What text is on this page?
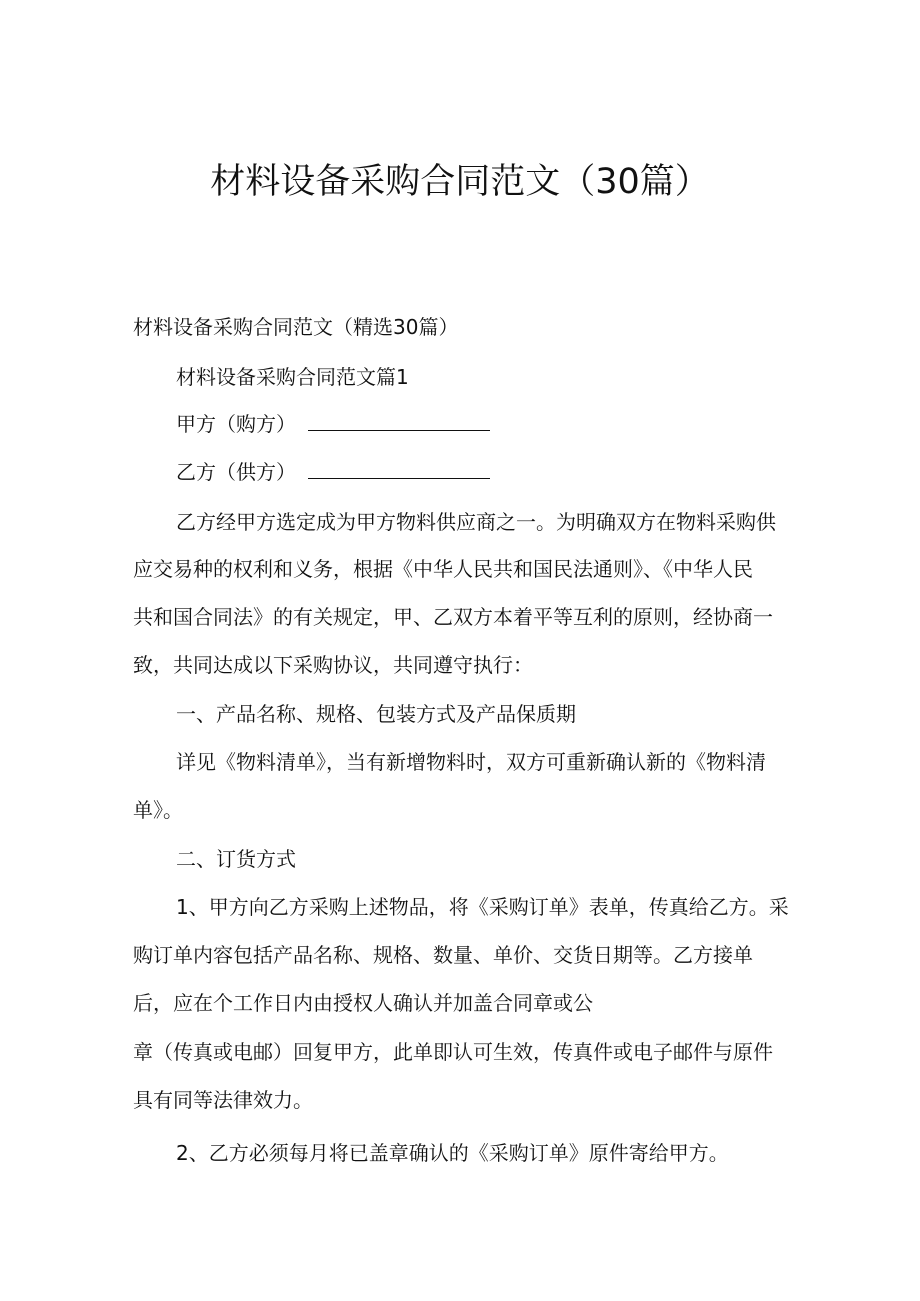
材料设备采购合同范文（30篇）
材料设备采购合同范文（精选30篇）
材料设备采购合同范文篇1
甲方（购方）
乙方（供方）
乙方经甲方选定成为甲方物料供应商之一。为明确双方在物料采购供
应交易种的权利和义务，根据《中华人民共和国民法通则》、《中华人民
共和国合同法》的有关规定，甲、乙双方本着平等互利的原则，经协商一
致，共同达成以下采购协议，共同遵守执行：
一、产品名称、规格、包装方式及产品保质期
详见《物料清单》，当有新增物料时，双方可重新确认新的《物料清
单》。
二、订货方式
1、甲方向乙方采购上述物品，将《采购订单》表单，传真给乙方。采
购订单内容包括产品名称、规格、数量、单价、交货日期等。乙方接单
后，应在个工作日内由授权人确认并加盖合同章或公
章（传真或电邮）回复甲方，此单即认可生效，传真件或电子邮件与原件
具有同等法律效力。
2、乙方必须每月将已盖章确认的《采购订单》原件寄给甲方。
